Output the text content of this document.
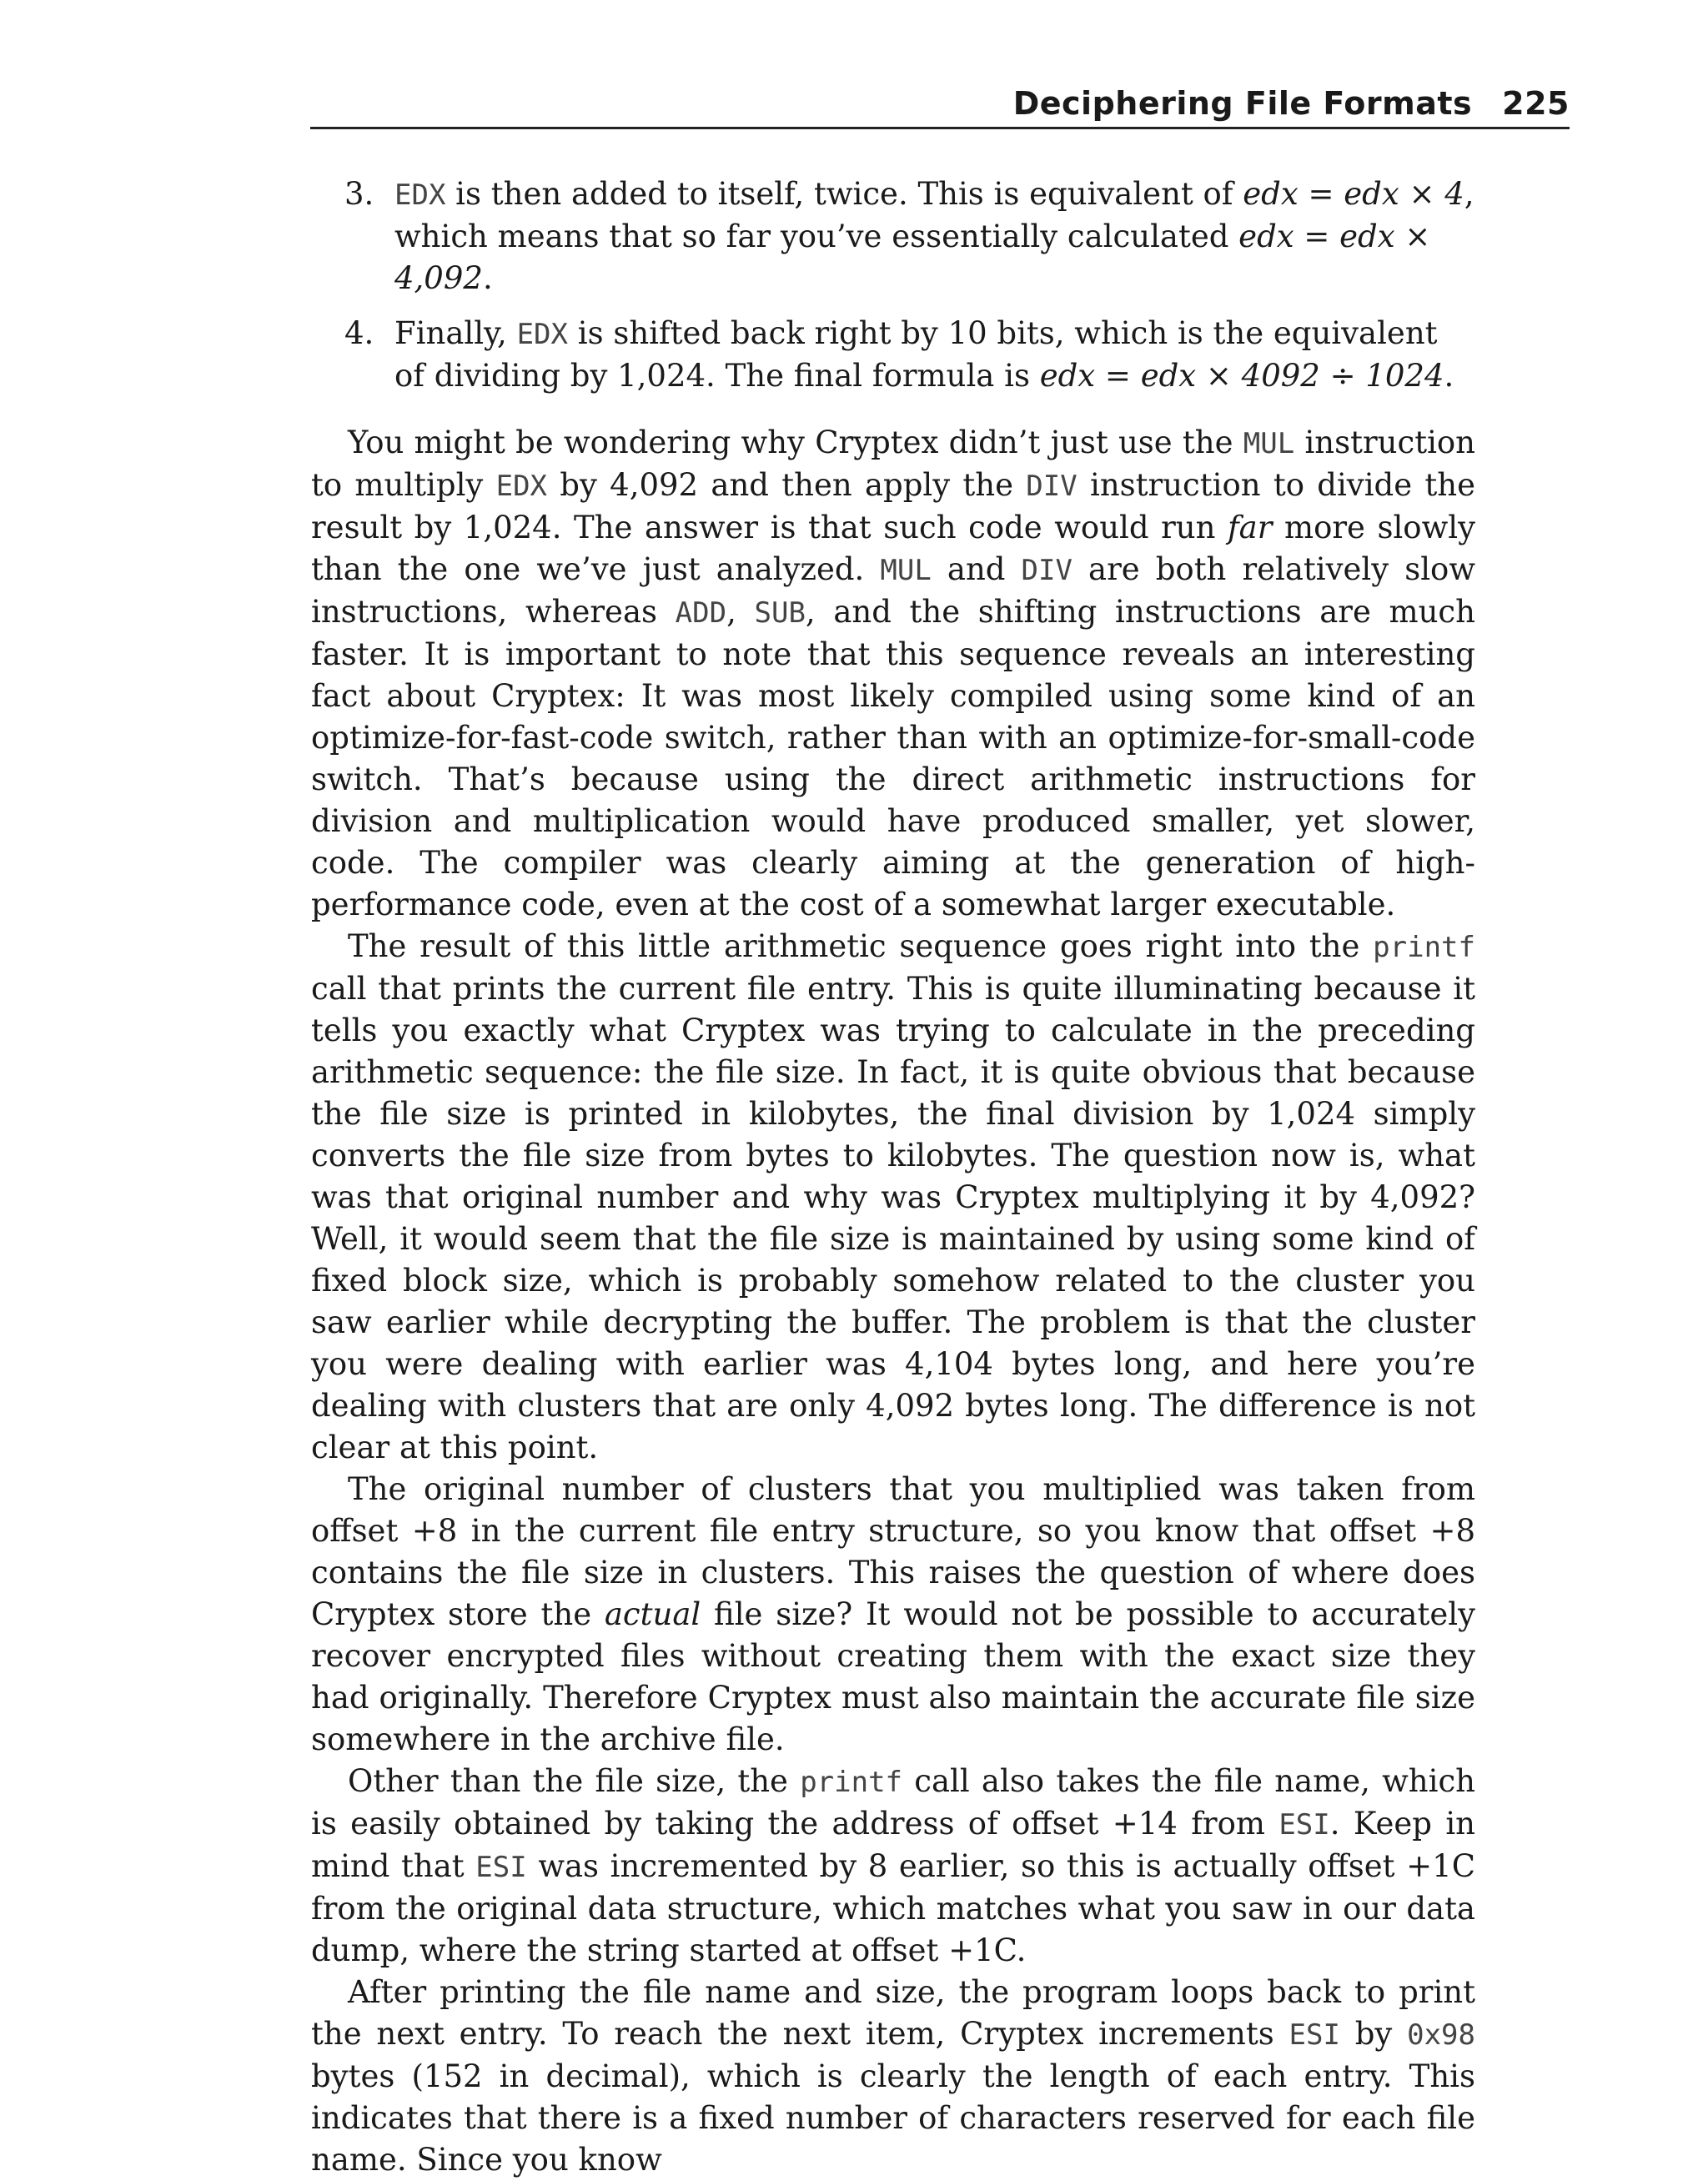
Deciphering File Formats 225
3. EDX is then added to itself, twice. This is equivalent of edx = edx × 4, which means that so far you’ve essentially calculated edx = edx × 4,092.
4. Finally, EDX is shifted back right by 10 bits, which is the equivalent of dividing by 1,024. The final formula is edx = edx × 4092 ÷ 1024.

You might be wondering why Cryptex didn’t just use the MUL instruction to multiply EDX by 4,092 and then apply the DIV instruction to divide the result by 1,024. The answer is that such code would run far more slowly than the one we’ve just analyzed. MUL and DIV are both relatively slow instructions, whereas ADD, SUB, and the shifting instructions are much faster. It is important to note that this sequence reveals an interesting fact about Cryptex: It was most likely compiled using some kind of an optimize-for-fast-code switch, rather than with an optimize-for-small-code switch. That’s because using the direct arithmetic instructions for division and multiplication would have produced smaller, yet slower, code. The compiler was clearly aiming at the generation of high-performance code, even at the cost of a somewhat larger executable.

The result of this little arithmetic sequence goes right into the printf call that prints the current file entry. This is quite illuminating because it tells you exactly what Cryptex was trying to calculate in the preceding arithmetic sequence: the file size. In fact, it is quite obvious that because the file size is printed in kilobytes, the final division by 1,024 simply converts the file size from bytes to kilobytes. The question now is, what was that original number and why was Cryptex multiplying it by 4,092? Well, it would seem that the file size is maintained by using some kind of fixed block size, which is probably somehow related to the cluster you saw earlier while decrypting the buffer. The problem is that the cluster you were dealing with earlier was 4,104 bytes long, and here you’re dealing with clusters that are only 4,092 bytes long. The difference is not clear at this point.

The original number of clusters that you multiplied was taken from offset +8 in the current file entry structure, so you know that offset +8 contains the file size in clusters. This raises the question of where does Cryptex store the actual file size? It would not be possible to accurately recover encrypted files without creating them with the exact size they had originally. Therefore Cryptex must also maintain the accurate file size somewhere in the archive file.

Other than the file size, the printf call also takes the file name, which is easily obtained by taking the address of offset +14 from ESI. Keep in mind that ESI was incremented by 8 earlier, so this is actually offset +1C from the original data structure, which matches what you saw in our data dump, where the string started at offset +1C.

After printing the file name and size, the program loops back to print the next entry. To reach the next item, Cryptex increments ESI by 0x98 bytes (152 in decimal), which is clearly the length of each entry. This indicates that there is a fixed number of characters reserved for each file name. Since you know
